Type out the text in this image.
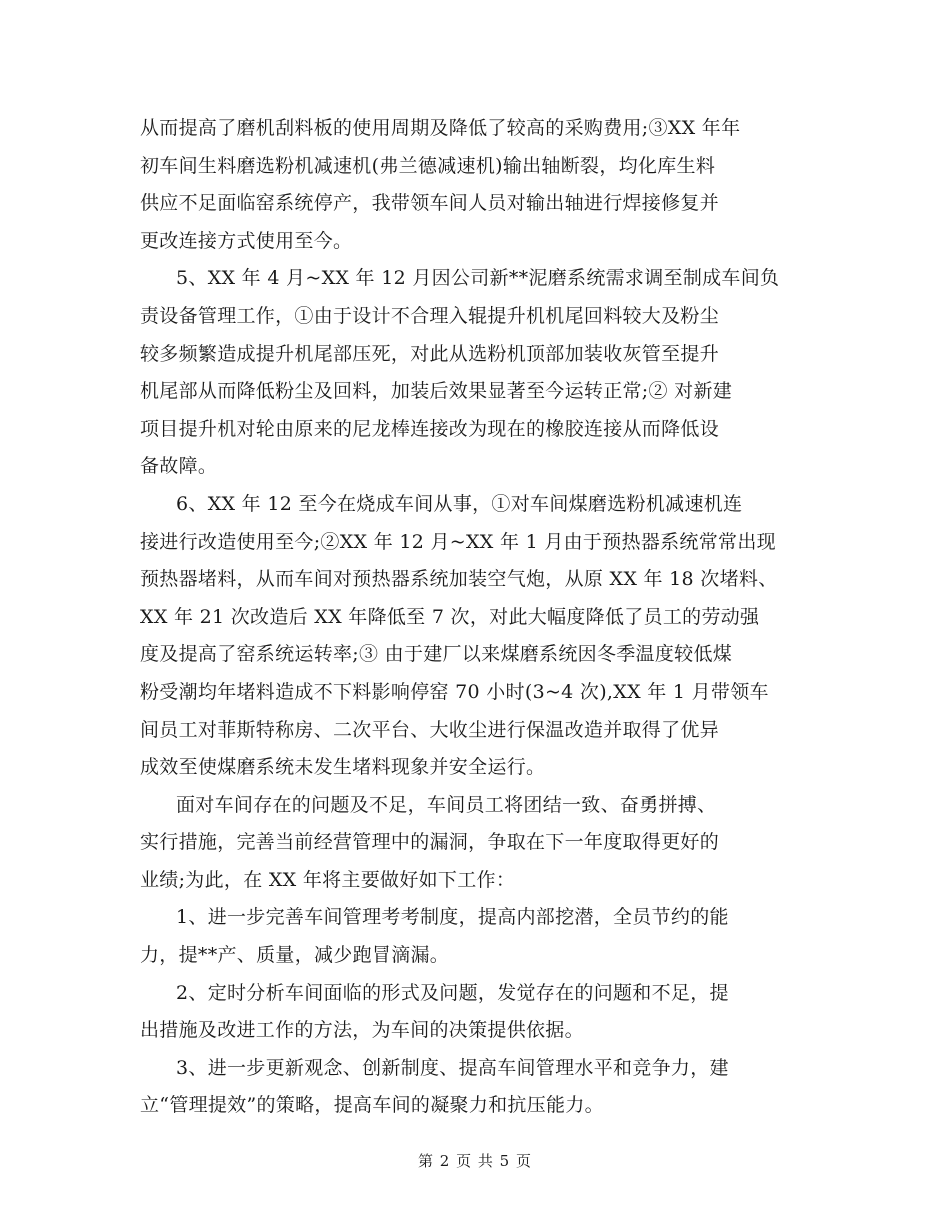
从而提高了磨机刮料板的使用周期及降低了较高的采购费用;③XX 年年
初车间生料磨选粉机减速机(弗兰德减速机)输出轴断裂，均化库生料
供应不足面临窑系统停产，我带领车间人员对输出轴进行焊接修复并
更改连接方式使用至今。
5、XX 年 4 月~XX 年 12 月因公司新**泥磨系统需求调至制成车间负
责设备管理工作，①由于设计不合理入辊提升机机尾回料较大及粉尘
较多频繁造成提升机尾部压死，对此从选粉机顶部加装收灰管至提升
机尾部从而降低粉尘及回料，加装后效果显著至今运转正常;② 对新建
项目提升机对轮由原来的尼龙棒连接改为现在的橡胶连接从而降低设
备故障。
6、XX 年 12 至今在烧成车间从事，①对车间煤磨选粉机减速机连
接进行改造使用至今;②XX 年 12 月~XX 年 1 月由于预热器系统常常出现
预热器堵料，从而车间对预热器系统加装空气炮，从原 XX 年 18 次堵料、
XX 年 21 次改造后 XX 年降低至 7 次，对此大幅度降低了员工的劳动强
度及提高了窑系统运转率;③ 由于建厂以来煤磨系统因冬季温度较低煤
粉受潮均年堵料造成不下料影响停窑 70 小时(3~4 次),XX 年 1 月带领车
间员工对菲斯特称房、二次平台、大收尘进行保温改造并取得了优异
成效至使煤磨系统未发生堵料现象并安全运行。
面对车间存在的问题及不足，车间员工将团结一致、奋勇拼搏、
实行措施，完善当前经营管理中的漏洞，争取在下一年度取得更好的
业绩;为此，在 XX 年将主要做好如下工作：
1、进一步完善车间管理考考制度，提高内部挖潜，全员节约的能
力，提**产、质量，减少跑冒滴漏。
2、定时分析车间面临的形式及问题，发觉存在的问题和不足，提
出措施及改进工作的方法，为车间的决策提供依据。
3、进一步更新观念、创新制度、提高车间管理水平和竞争力，建
立“管理提效”的策略，提高车间的凝聚力和抗压能力。
第 2 页 共 5 页
